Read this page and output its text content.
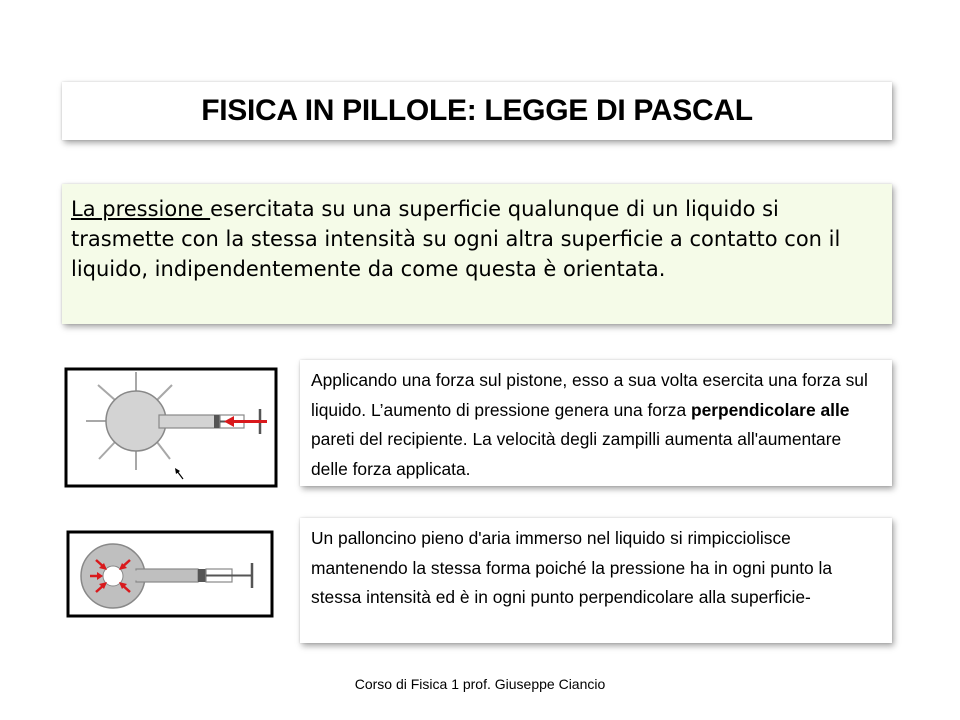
FISICA IN PILLOLE: LEGGE DI PASCAL

La pressione esercitata su una superficie qualunque di un liquido si trasmette con la stessa intensità su ogni altra superficie a contatto con il liquido, indipendentemente da come questa è orientata.

Applicando una forza sul pistone, esso a sua volta esercita una forza sul liquido. L’aumento di pressione genera una forza perpendicolare alle pareti del recipiente. La velocità degli zampilli aumenta all'aumentare delle forza applicata.

Un palloncino pieno d'aria immerso nel liquido si rimpicciolisce mantenendo la stessa forma poiché la pressione ha in ogni punto la stessa intensità ed è in ogni punto perpendicolare alla superficie-

Corso di Fisica 1 prof. Giuseppe Ciancio
